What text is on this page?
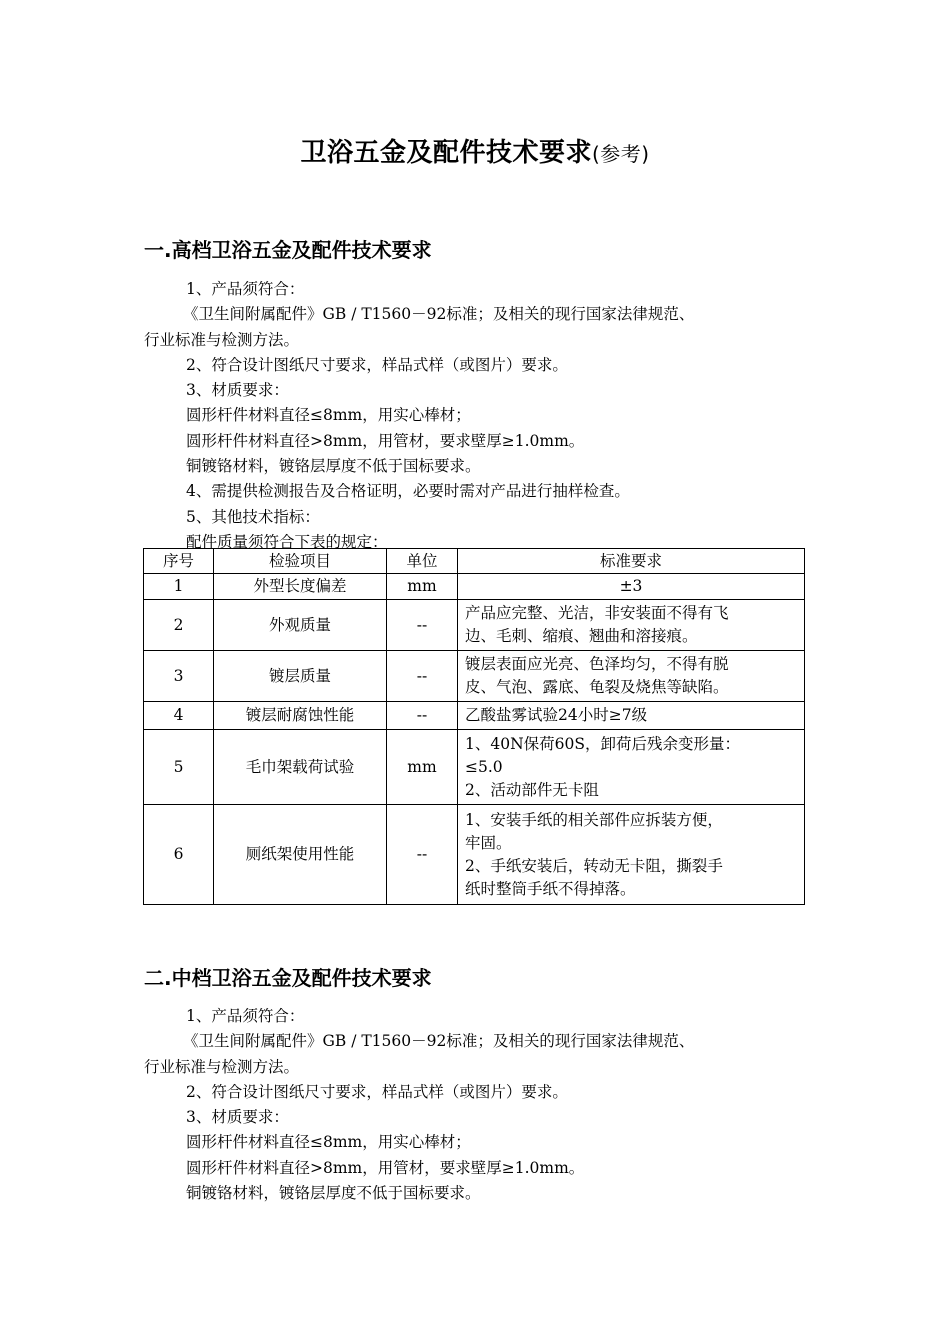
卫浴五金及配件技术要求(参考)
一.高档卫浴五金及配件技术要求

1、产品须符合：

《卫生间附属配件》GB / T1560－92标准；及相关的现行国家法律规范、

行业标准与检测方法。

2、符合设计图纸尺寸要求，样品式样（或图片）要求。

3、材质要求：

圆形杆件材料直径≤8mm，用实心棒材；

圆形杆件材料直径>8mm，用管材，要求壁厚≥1.0mm。

铜镀铬材料，镀铬层厚度不低于国标要求。

4、需提供检测报告及合格证明，必要时需对产品进行抽样检查。

5、其他技术指标：

配件质量须符合下表的规定：

序号	检验项目	单位	标准要求
1	外型长度偏差	mm	±3

2	外观质量	--	产品应完整、光洁，非安装面不得有飞
边、毛刺、缩痕、翘曲和溶接痕。

3	镀层质量	--	镀层表面应光亮、色泽均匀，不得有脱
皮、气泡、露底、龟裂及烧焦等缺陷。

4	镀层耐腐蚀性能	--	乙酸盐雾试验24小时≥7级

5	毛巾架载荷试验	mm	1、40N保荷60S，卸荷后残余变形量：
≤5.0
2、活动部件无卡阻

6	厕纸架使用性能	--	1、安装手纸的相关部件应拆装方便，
牢固。
2、手纸安装后，转动无卡阻，撕裂手
纸时整筒手纸不得掉落。
二.中档卫浴五金及配件技术要求

1、产品须符合：

《卫生间附属配件》GB / T1560－92标准；及相关的现行国家法律规范、

行业标准与检测方法。

2、符合设计图纸尺寸要求，样品式样（或图片）要求。

3、材质要求：

圆形杆件材料直径≤8mm，用实心棒材；

圆形杆件材料直径>8mm，用管材，要求壁厚≥1.0mm。

铜镀铬材料，镀铬层厚度不低于国标要求。
